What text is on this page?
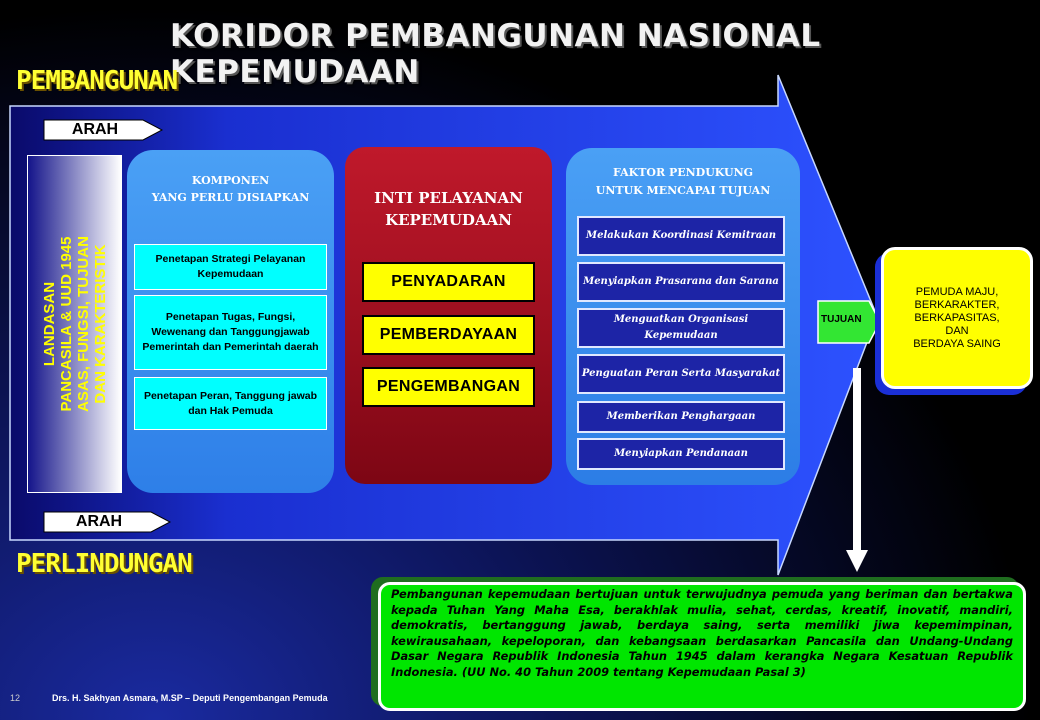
KORIDOR PEMBANGUNAN NASIONAL KEPEMUDAAN
PEMBANGUNAN
PERLINDUNGAN
ARAH
ARAH
LANDASAN PANCASILA & UUD 1945 ASAS, FUNGSI, TUJUAN DAN KARAKTERISTIK
KOMPONEN
YANG PERLU DISIAPKAN
Penetapan Strategi Pelayanan Kepemudaan
Penetapan Tugas, Fungsi, Wewenang dan Tanggungjawab Pemerintah dan Pemerintah daerah
Penetapan Peran, Tanggung jawab dan Hak Pemuda
INTI PELAYANAN
KEPEMUDAAN
PENYADARAN
PEMBERDAYAAN
PENGEMBANGAN
FAKTOR PENDUKUNG
UNTUK MENCAPAI TUJUAN
Melakukan Koordinasi Kemitraan
Menyiapkan Prasarana dan Sarana
Menguatkan Organisasi Kepemudaan
Penguatan Peran Serta Masyarakat
Memberikan Penghargaan
Menyiapkan Pendanaan
TUJUAN
PEMUDA MAJU,
BERKARAKTER,
BERKAPASITAS,
DAN
BERDAYA SAING
Pembangunan kepemudaan bertujuan untuk terwujudnya pemuda yang beriman dan bertakwa kepada Tuhan Yang Maha Esa, berakhlak mulia, sehat, cerdas, kreatif, inovatif, mandiri, demokratis, bertanggung jawab, berdaya saing, serta memiliki jiwa kepemimpinan, kewirausahaan, kepeloporan, dan kebangsaan berdasarkan Pancasila dan Undang-Undang Dasar Negara Republik Indonesia Tahun 1945 dalam kerangka Negara Kesatuan Republik Indonesia. (UU No. 40 Tahun 2009 tentang Kepemudaan Pasal 3)
12	Drs. H. Sakhyan Asmara, M.SP – Deputi Pengembangan Pemuda
